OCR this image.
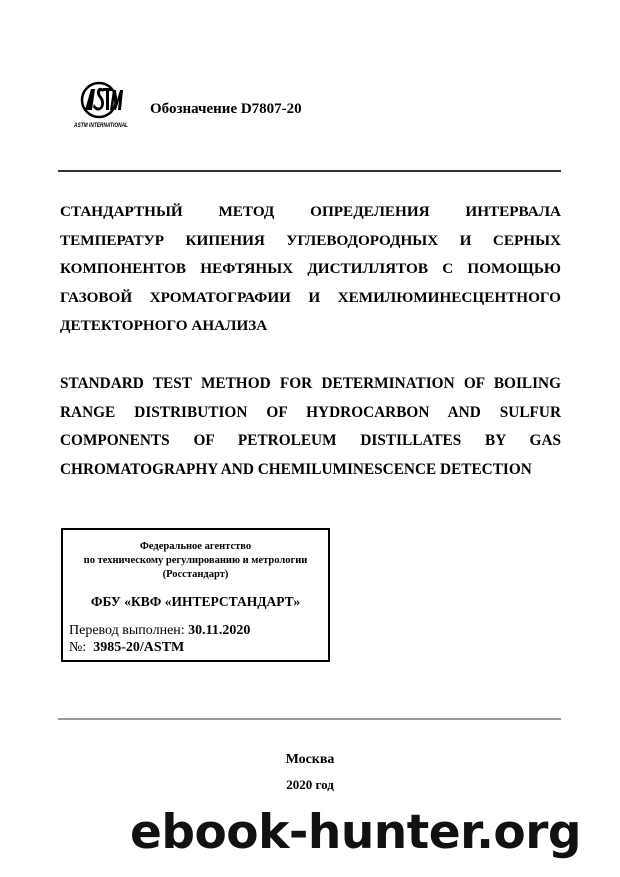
ASTM INTERNATIONAL
Обозначение D7807-20

СТАНДАРТНЫЙ МЕТОД ОПРЕДЕЛЕНИЯ ИНТЕРВАЛА ТЕМПЕРАТУР КИПЕНИЯ УГЛЕВОДОРОДНЫХ И СЕРНЫХ КОМПОНЕНТОВ НЕФТЯНЫХ ДИСТИЛЛЯТОВ С ПОМОЩЬЮ ГАЗОВОЙ ХРОМАТОГРАФИИ И ХЕМИЛЮМИНЕСЦЕНТНОГО ДЕТЕКТОРНОГО АНАЛИЗА

STANDARD TEST METHOD FOR DETERMINATION OF BOILING RANGE DISTRIBUTION OF HYDROCARBON AND SULFUR COMPONENTS OF PETROLEUM DISTILLATES BY GAS CHROMATOGRAPHY AND CHEMILUMINESCENCE DETECTION

Федеральное агентство
по техническому регулированию и метрологии
(Росстандарт)
ФБУ «КВФ «ИНТЕРСТАНДАРТ»
Перевод выполнен: 30.11.2020
№: 3985-20/ASTM
Москва
2020 год
ebook-hunter.org
